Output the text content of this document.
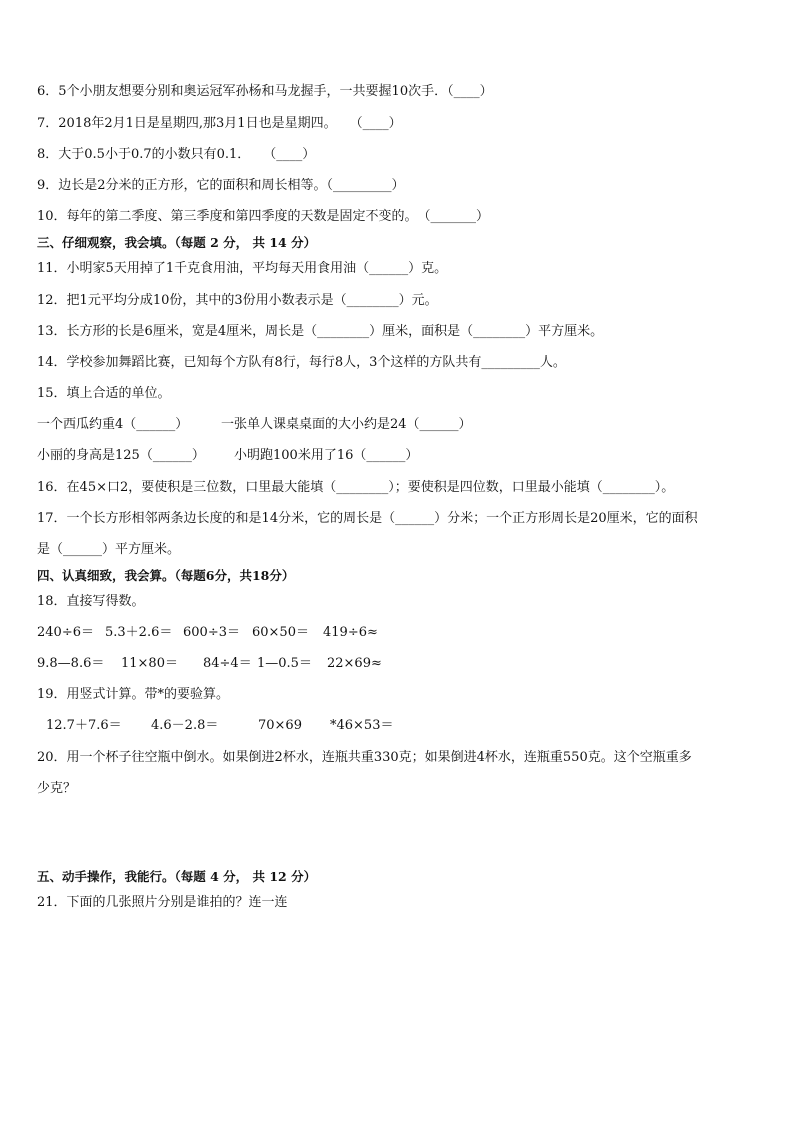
6．5个小朋友想要分别和奥运冠军孙杨和马龙握手，一共要握10次手．（____）
7．2018年2月1日是星期四,那3月1日也是星期四。　　（____）
8．大于0.5小于0.7的小数只有0.1．　　（____）
9．边长是2分米的正方形，它的面积和周长相等。（_________）
10．每年的第二季度、第三季度和第四季度的天数是固定不变的。　（_______）
三、仔细观察，我会填。（每题 2 分， 共 14 分）
11．小明家5天用掉了1千克食用油，平均每天用食用油（______）克。
12．把1元平均分成10份，其中的3份用小数表示是（________）元。
13．长方形的长是6厘米，宽是4厘米，周长是（________）厘米，面积是（________）平方厘米。
14．学校参加舞蹈比赛，已知每个方队有8行，每行8人，3个这样的方队共有_________人。
15．填上合适的单位。
一个西瓜约重4（______）	一张单人课桌桌面的大小约是24（______）
小丽的身高是125（______） 小明跑100米用了16（______）
16．在45×口2，要使积是三位数，口里最大能填（________）；要使积是四位数，口里最小能填（________）。
17．一个长方形相邻两条边长度的和是14分米，它的周长是（______）分米；一个正方形周长是20厘米，它的面积
是（______）平方厘米。
四、认真细致，我会算。（每题6分，共18分）
18．直接写得数。
240÷6＝ 5.3＋2.6＝ 600÷3＝ 60×50＝ 419÷6≈
9.8—8.6＝ 11×80＝ 84÷4＝ 1—0.5＝ 22×69≈
19．用竖式计算。带*的要验算。
12.7＋7.6＝ 4.6－2.8＝	70×69 *46×53＝
20．用一个杯子往空瓶中倒水。如果倒进2杯水，连瓶共重330克；如果倒进4杯水，连瓶重550克。这个空瓶重多
少克？
五、动手操作，我能行。（每题 4 分， 共 12 分）
21．下面的几张照片分别是谁拍的？连一连
